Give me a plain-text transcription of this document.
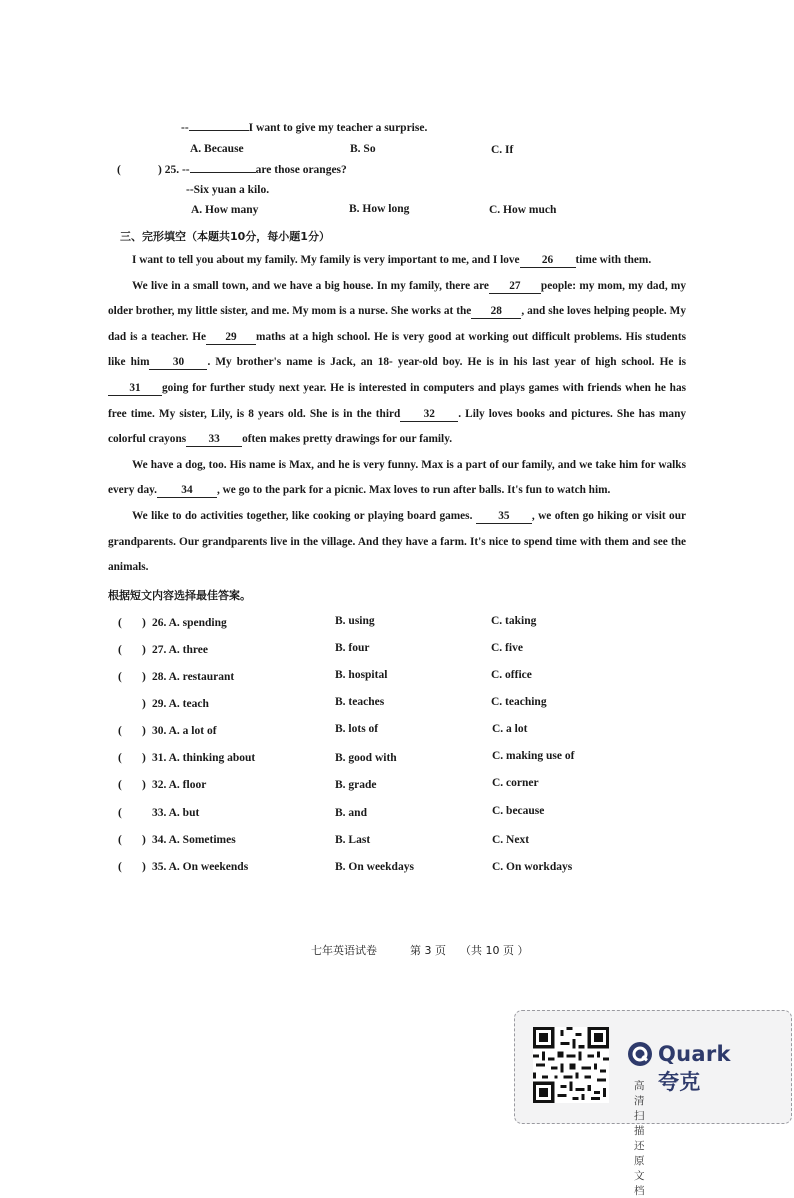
--	I want to give my teacher a surprise.
A. Because	B. So	C. If
(	) 25. --	are those oranges?
--Six yuan a kilo.
A. How many	B. How long	C. How much
三、完形填空（本题共10分，每小题1分）
I want to tell you about my family. My family is very important to me, and I love 26 time with them.
We live in a small town, and we have a big house. In my family, there are 27 people: my mom, my dad, my older brother, my little sister, and me. My mom is a nurse. She works at the 28 , and she loves helping people. My dad is a teacher. He 29 maths at a high school. He is very good at working out difficult problems. His students like him 30 . My brother's name is Jack, an 18- year-old boy. He is in his last year of high school. He is31 going for further study next year. He is interested in computers and plays games with friends when he has free time. My sister, Lily, is 8 years old. She is in the third 32 . Lily loves books and pictures. She has many colorful crayons 33 often makes pretty drawings for our family.
We have a dog, too. His name is Max, and he is very funny. Max is a part of our family, and we take him for walks every day. 34 , we go to the park for a picnic. Max loves to run after balls. It's fun to watch him.
We like to do activities together, like cooking or playing board games. 35 , we often go hiking or visit our grandparents. Our grandparents live in the village. And they have a farm. It's nice to spend time with them and see the animals.
根据短文内容选择最佳答案。
( ) 26. A. spending	B. using	C. taking
( ) 27. A. three	B. four	C. five
( ) 28. A. restaurant	B. hospital	C. office
) 29. A. teach	B. teaches	C. teaching
( ) 30. A. a lot of	B. lots of	C. a lot
( ) 31. A. thinking about	B. good with	C. making use of
( ) 32. A. floor	B. grade	C. corner
(	33. A. but	B. and	C. because
( ) 34. A. Sometimes	B. Last	C. Next
( ) 35. A. On weekends	B. On weekdays	C. On workdays
七年英语试卷	第 3 页 （共 10 页 ）
Quark 夸克
高清扫描 还原文档
